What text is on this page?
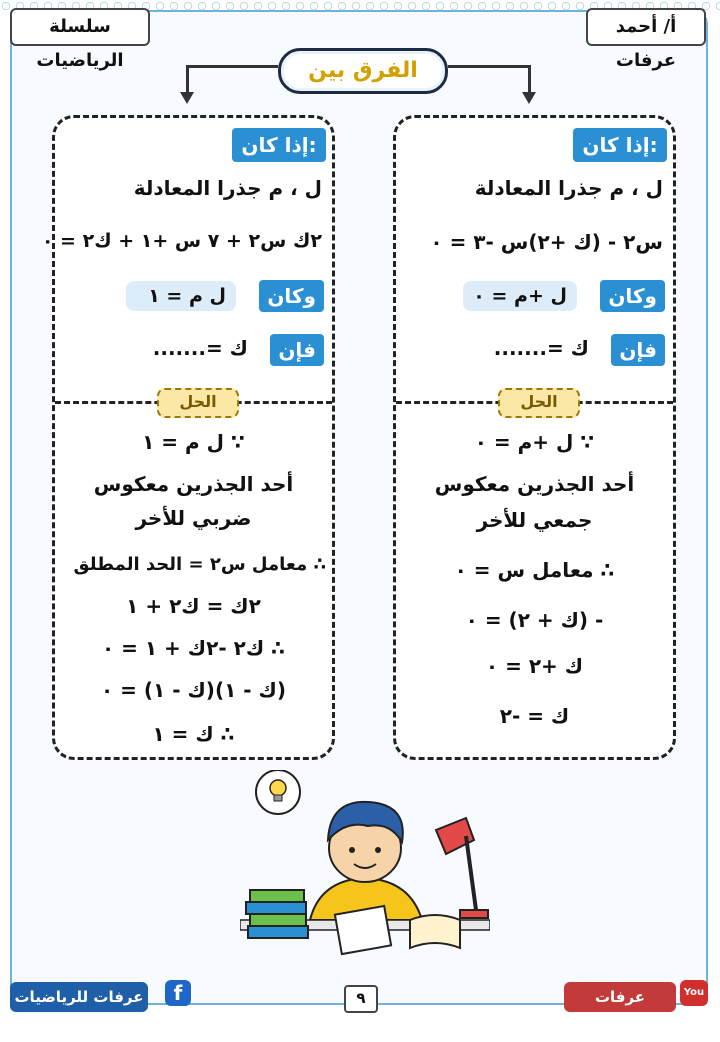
سلسلة الرياضيات
أ/ أحمد عرفات
الفرق بين
إذا كان:
ل ، م جذرا المعادلة
س٢ - (ك +٢)س -٣ = ٠
وكان
ل +م = ٠
فإن
ك =.......
الحل
∵ ل +م = ٠
أحد الجذرين معكوس
جمعي للأخر
∴ معامل س = ٠
- (ك + ٢) = ٠
ك +٢ = ٠
ك = -٢
إذا كان:
ل ، م جذرا المعادلة
٢ك س٢ + ٧ س +١ + ك٢ = ٠
وكان
ل م = ١
فإن
ك =.......
الحل
∵ ل م = ١
أحد الجذرين معكوس
ضربي للأخر
∴ معامل س٢ = الحد المطلق
٢ك = ك٢ + ١
∴ ك٢ -٢ك + ١ = ٠
(ك - ١)(ك - ١) = ٠
∴ ك = ١
f
عرفات للرياضيات	٩	عرفات للرياضيات
You Tube
